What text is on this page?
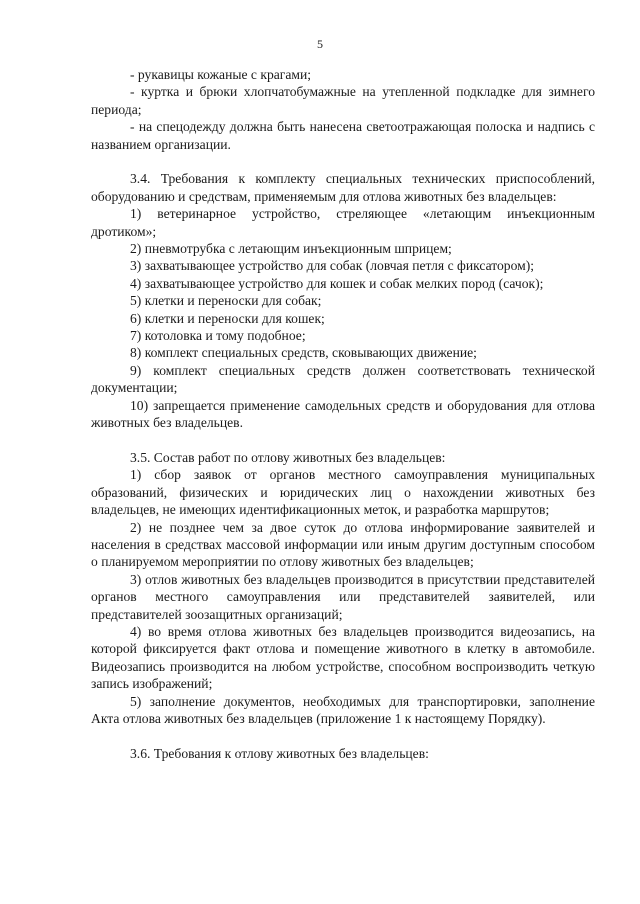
5

- рукавицы кожаные с крагами;

- куртка и брюки хлопчатобумажные на утепленной подкладке для зимнего периода;

- на спецодежду должна быть нанесена светоотражающая полоска и надпись с названием организации.

3.4. Требования к комплекту специальных технических приспособлений, оборудованию и средствам, применяемым для отлова животных без владельцев:

1) ветеринарное устройство, стреляющее «летающим инъекционным дротиком»;

2) пневмотрубка с летающим инъекционным шприцем;

3) захватывающее устройство для собак (ловчая петля с фиксатором);

4) захватывающее устройство для кошек и собак мелких пород (сачок);

5) клетки и переноски для собак;

6) клетки и переноски для кошек;

7) котоловка и тому подобное;

8) комплект специальных средств, сковывающих движение;

9) комплект специальных средств должен соответствовать технической документации;

10) запрещается применение самодельных средств и оборудования для отлова животных без владельцев.

3.5. Состав работ по отлову животных без владельцев:

1) сбор заявок от органов местного самоуправления муниципальных образований, физических и юридических лиц о нахождении животных без владельцев, не имеющих идентификационных меток, и разработка маршрутов;

2) не позднее чем за двое суток до отлова информирование заявителей и населения в средствах массовой информации или иным другим доступным способом о планируемом мероприятии по отлову животных без владельцев;

3) отлов животных без владельцев производится в присутствии представителей органов местного самоуправления или представителей заявителей, или представителей зоозащитных организаций;

4) во время отлова животных без владельцев производится видеозапись, на которой фиксируется факт отлова и помещение животного в клетку в автомобиле. Видеозапись производится на любом устройстве, способном воспроизводить четкую запись изображений;

5) заполнение документов, необходимых для транспортировки, заполнение Акта отлова животных без владельцев (приложение 1 к настоящему Порядку).

3.6. Требования к отлову животных без владельцев:
